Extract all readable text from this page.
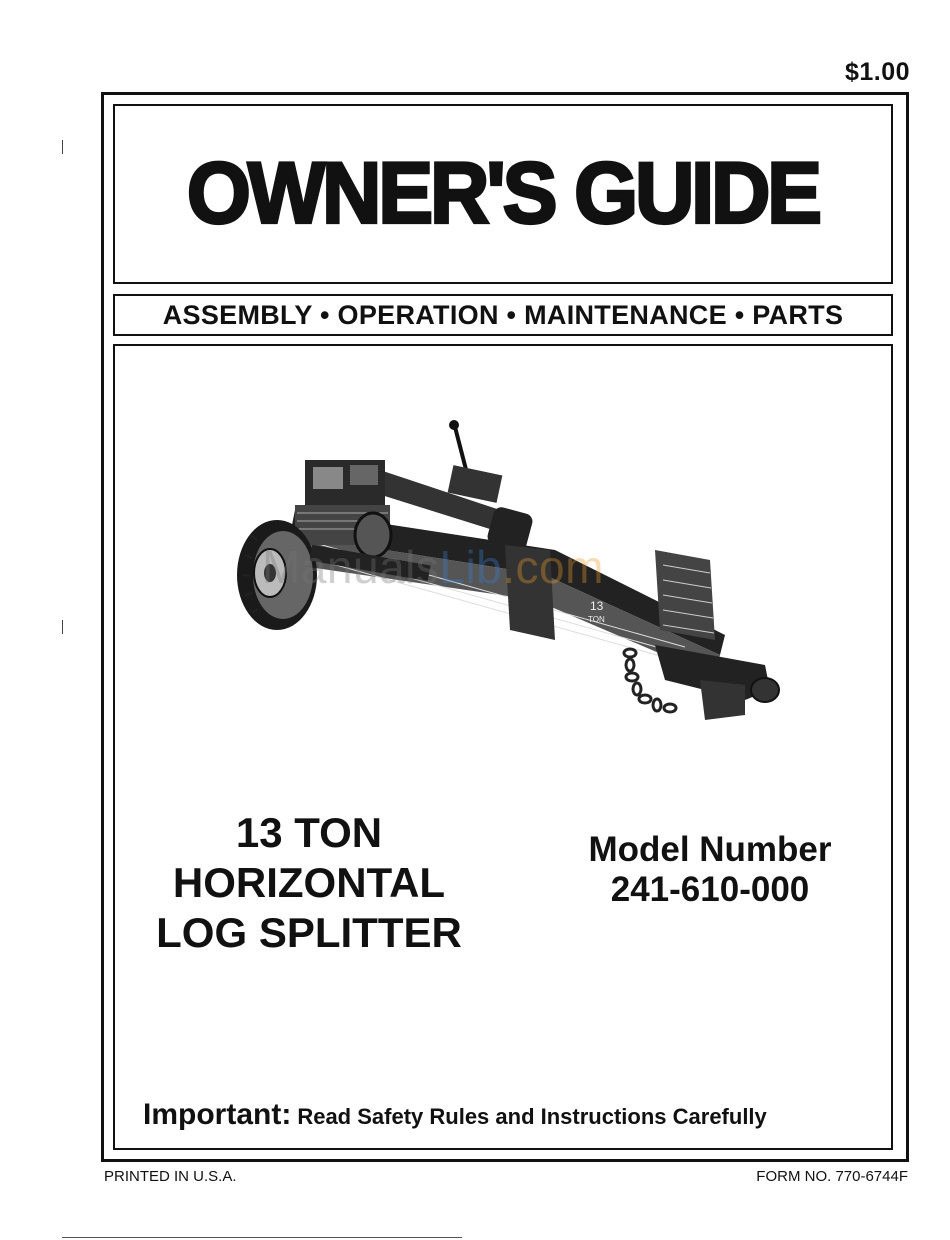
$1.00
OWNER'S GUIDE
ASSEMBLY • OPERATION • MAINTENANCE • PARTS
13
TON
ManualsLib.com
13 TON
HORIZONTAL
LOG SPLITTER
Model Number
241-610-000
Important: Read Safety Rules and Instructions Carefully
PRINTED IN U.S.A.	FORM NO. 770-6744F
